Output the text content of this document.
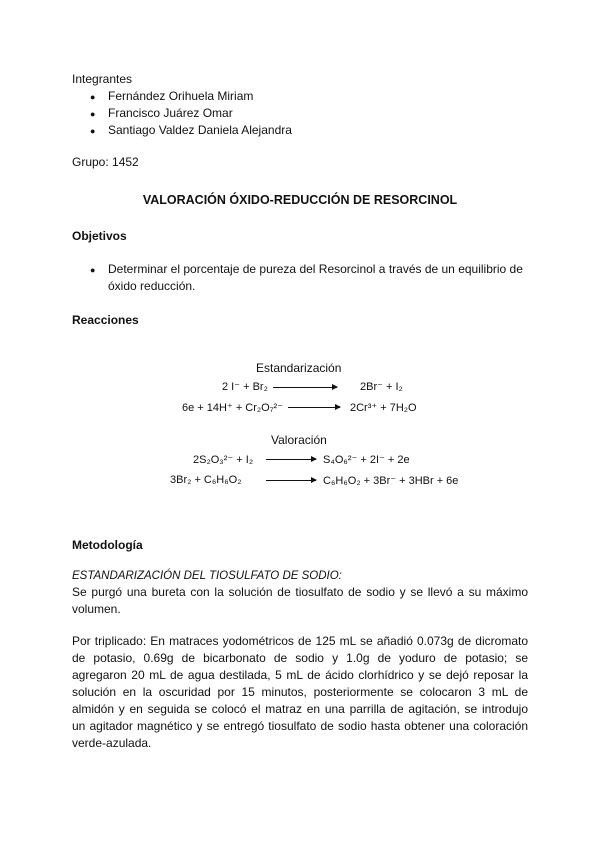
Integrantes
● Fernández Orihuela Miriam
● Francisco Juárez Omar
● Santiago Valdez Daniela Alejandra
Grupo: 1452
VALORACIÓN ÓXIDO-REDUCCIÓN DE RESORCINOL
Objetivos
● Determinar el porcentaje de pureza del Resorcinol a través de un equilibrio de
óxido reducción.
Reacciones
Estandarización
2 I⁻ + Br₂	2Br⁻ + I₂
6e + 14H⁺ + Cr₂O₇²⁻	2Cr³⁺ + 7H₂O
Valoración
2S₂O₃²⁻ + I₂	S₄O₆²⁻ + 2I⁻ + 2e
3Br₂ + C₆H₆O₂	C₆H₆O₂ + 3Br⁻ + 3HBr + 6e
Metodología
ESTANDARIZACIÓN DEL TIOSULFATO DE SODIO:
Se purgó una bureta con la solución de tiosulfato de sodio y se llevó a su máximo
volumen.
Por triplicado: En matraces yodométricos de 125 mL se añadió 0.073g de dicromato
de potasio, 0.69g de bicarbonato de sodio y 1.0g de yoduro de potasio; se
agregaron 20 mL de agua destilada, 5 mL de ácido clorhídrico y se dejó reposar la
solución en la oscuridad por 15 minutos, posteriormente se colocaron 3 mL de
almidón y en seguida se colocó el matraz en una parrilla de agitación, se introdujo
un agitador magnético y se entregó tiosulfato de sodio hasta obtener una coloración
verde-azulada.
